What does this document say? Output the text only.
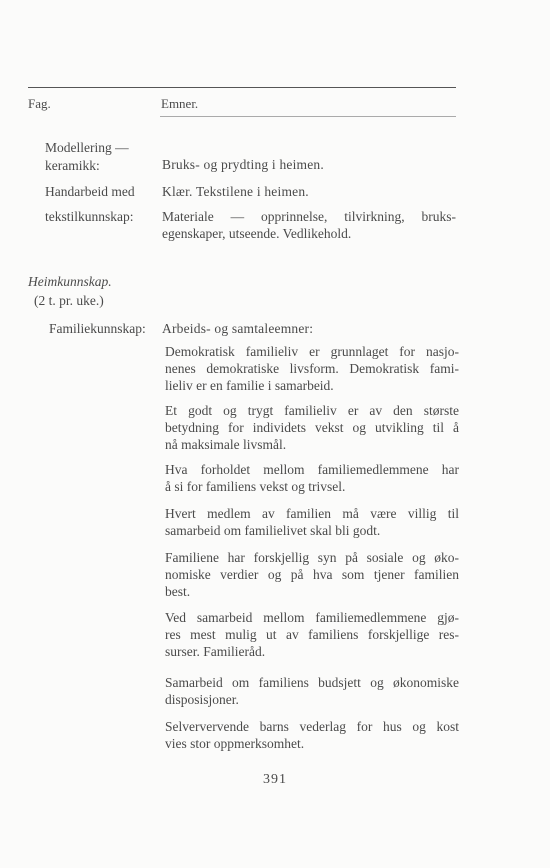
Fag.	Emner.
Modellering —
keramikk:	Bruks- og prydting i heimen.
Handarbeid med Klær. Tekstilene i heimen.
tekstilkunnskap: Materiale — opprinnelse, tilvirkning, bruks-
egenskaper, utseende. Vedlikehold.
Heimkunnskap.
(2 t. pr. uke.)
Familiekunnskap: Arbeids- og samtaleemner:
Demokratisk familieliv er grunnlaget for nasjo-
nenes demokratiske livsform. Demokratisk fami-
lieliv er en familie i samarbeid.
Et godt og trygt familieliv er av den største
betydning for individets vekst og utvikling til å
nå maksimale livsmål.
Hva forholdet mellom familiemedlemmene har
å si for familiens vekst og trivsel.
Hvert medlem av familien må være villig til
samarbeid om familielivet skal bli godt.
Familiene har forskjellig syn på sosiale og øko-
nomiske verdier og på hva som tjener familien
best.
Ved samarbeid mellom familiemedlemmene gjø-
res mest mulig ut av familiens forskjellige res-
surser. Familieråd.
Samarbeid om familiens budsjett og økonomiske
disposisjoner.
Selververvende barns vederlag for hus og kost
vies stor oppmerksomhet.
391
